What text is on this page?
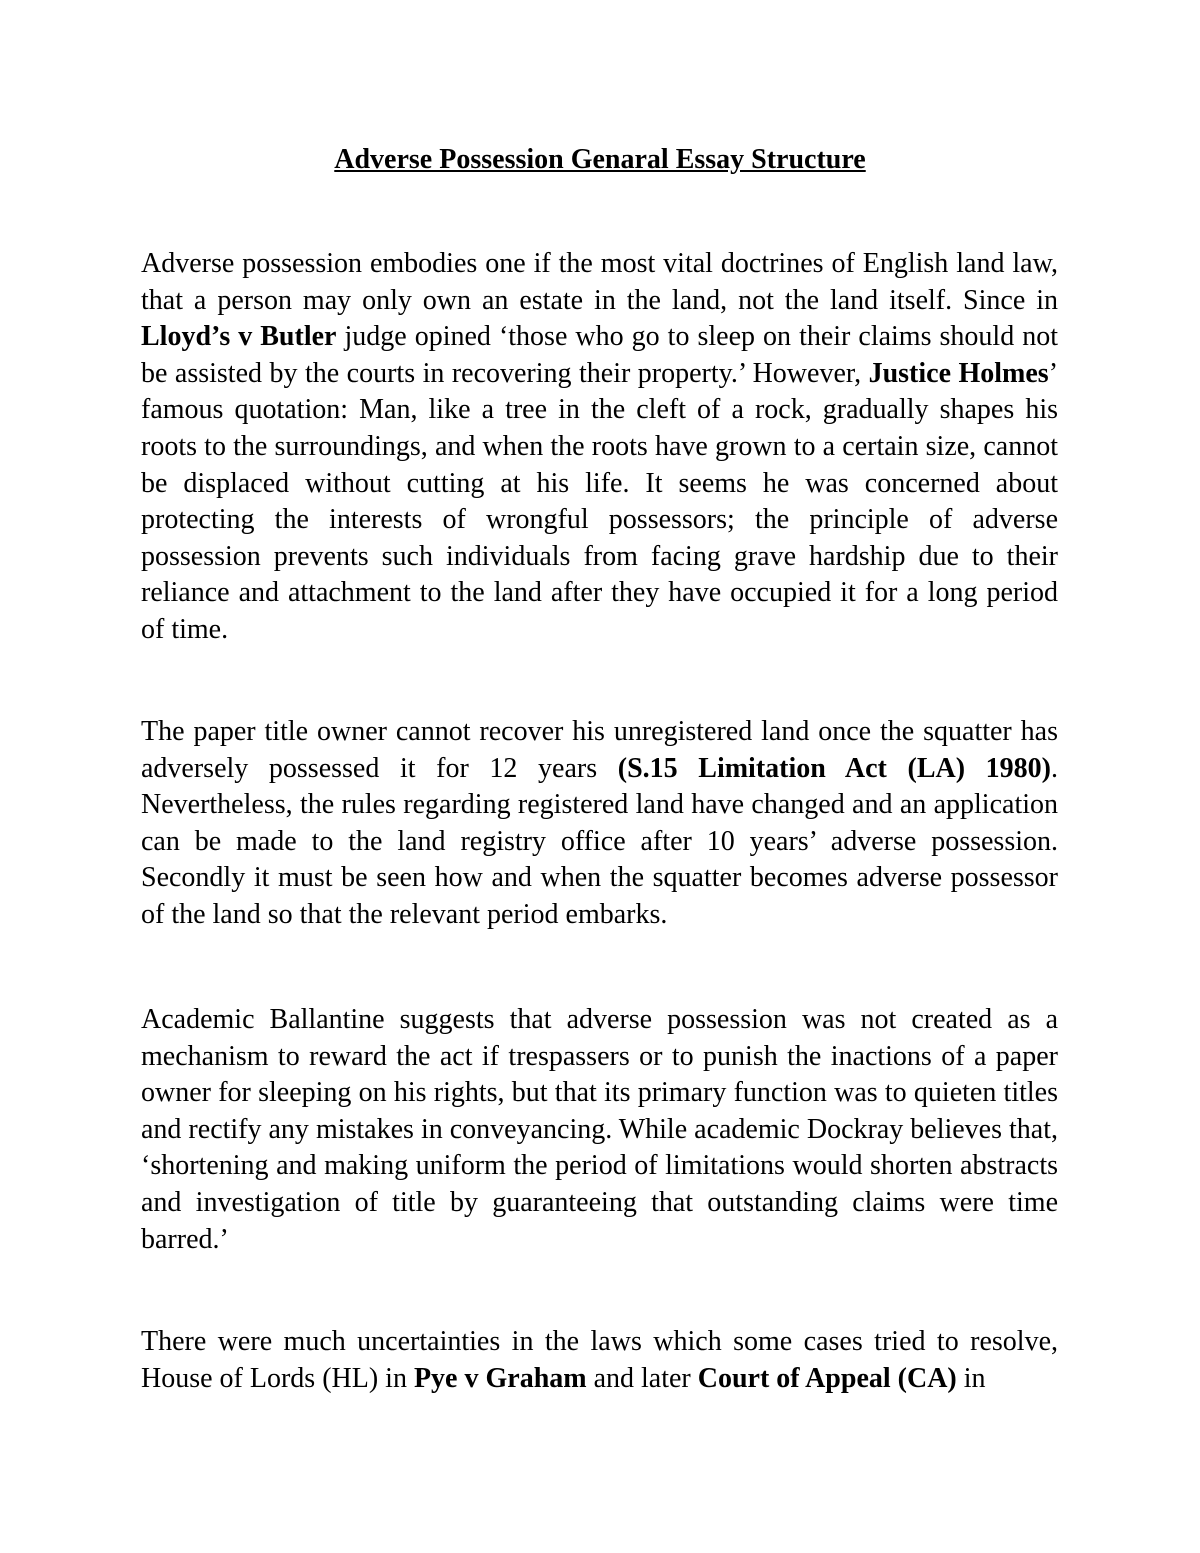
Adverse Possession Genaral Essay Structure

Adverse possession embodies one if the most vital doctrines of English land law, that a person may only own an estate in the land, not the land itself. Since in Lloyd’s v Butler judge opined ‘those who go to sleep on their claims should not be assisted by the courts in recovering their property.’ However, Justice Holmes’ famous quotation: Man, like a tree in the cleft of a rock, gradually shapes his roots to the surroundings, and when the roots have grown to a certain size, cannot be displaced without cutting at his life. It seems he was concerned about protecting the interests of wrongful possessors; the principle of adverse possession prevents such individuals from facing grave hardship due to their reliance and attachment to the land after they have occupied it for a long period of time.

The paper title owner cannot recover his unregistered land once the squatter has adversely possessed it for 12 years (S.15 Limitation Act (LA) 1980). Nevertheless, the rules regarding registered land have changed and an application can be made to the land registry office after 10 years’ adverse possession. Secondly it must be seen how and when the squatter becomes adverse possessor of the land so that the relevant period embarks.

Academic Ballantine suggests that adverse possession was not created as a mechanism to reward the act if trespassers or to punish the inactions of a paper owner for sleeping on his rights, but that its primary function was to quieten titles and rectify any mistakes in conveyancing. While academic Dockray believes that, ‘shortening and making uniform the period of limitations would shorten abstracts and investigation of title by guaranteeing that outstanding claims were time barred.’

There were much uncertainties in the laws which some cases tried to resolve, House of Lords (HL) in Pye v Graham and later Court of Appeal (CA) in
